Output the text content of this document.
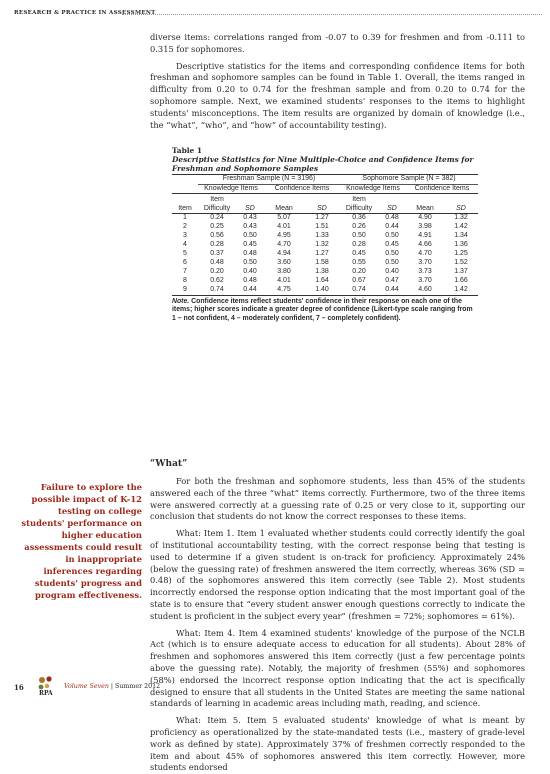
RESEARCH & PRACTICE IN ASSESSMENT

diverse items: correlations ranged from -0.07 to 0.39 for freshmen and from -0.111 to 0.315 for sophomores.

Descriptive statistics for the items and corresponding confidence items for both freshman and sophomore samples can be found in Table 1. Overall, the items ranged in difficulty from 0.20 to 0.74 for the freshman sample and from 0.20 to 0.74 for the sophomore sample. Next, we examined students' responses to the items to highlight students' misconceptions. The item results are organized by domain of knowledge (i.e., the “what”, “who”, and “how” of accountability testing).

Table 1
Descriptive Statistics for Nine Multiple-Choice and Confidence Items for Freshman and Sophomore Samples
	Freshman Sample (N = 3196)				Sophomore Sample (N = 382)			
	Knowledge Items		Confidence Items		Knowledge Items		Confidence Items	
Item	Item Difficulty	SD	Mean	SD	Item Difficulty	SD	Mean	SD
1	0.24	0.43	5.07	1.27	0.36	0.48	4.90	1.32
2	0.25	0.43	4.01	1.51	0.26	0.44	3.98	1.42
3	0.56	0.50	4.95	1.33	0.50	0.50	4.91	1.34
4	0.28	0.45	4.70	1.32	0.28	0.45	4.66	1.36
5	0.37	0.48	4.94	1.27	0.45	0.50	4.70	1.25
6	0.48	0.50	3.60	1.58	0.55	0.50	3.70	1.52
7	0.20	0.40	3.80	1.38	0.20	0.40	3.73	1.37
8	0.62	0.48	4.01	1.64	0.67	0.47	3.70	1.66
9	0.74	0.44	4.75	1.40	0.74	0.44	4.60	1.42
Note. Confidence items reflect students' confidence in their response on each one of the items; higher scores indicate a greater degree of confidence (Likert-type scale ranging from 1 – not confident, 4 – moderately confident, 7 – completely confident).
“What”
Failure to explore the possible impact of K-12 testing on college students' performance on higher education assessments could result in inappropriate inferences regarding students' progress and program effectiveness.

For both the freshman and sophomore students, less than 45% of the students answered each of the three “what” items correctly. Furthermore, two of the three items were answered correctly at a guessing rate of 0.25 or very close to it, supporting our conclusion that students do not know the correct responses to these items.

What: Item 1. Item 1 evaluated whether students could correctly identify the goal of institutional accountability testing, with the correct response being that testing is used to determine if a given student is on-track for proficiency. Approximately 24% (below the guessing rate) of freshmen answered the item correctly, whereas 36% (SD = 0.48) of the sophomores answered this item correctly (see Table 2). Most students incorrectly endorsed the response option indicating that the most important goal of the state is to ensure that “every student answer enough questions correctly to indicate the student is proficient in the subject every year” (freshmen = 72%; sophomores = 61%).

What: Item 4. Item 4 examined students' knowledge of the purpose of the NCLB Act (which is to ensure adequate access to education for all students). About 28% of freshmen and sophomores answered this item correctly (just a few percentage points above the guessing rate). Notably, the majority of freshmen (55%) and sophomores (58%) endorsed the incorrect response option indicating that the act is specifically designed to ensure that all students in the United States are meeting the same national standards of learning in academic areas including math, reading, and science.

What: Item 5. Item 5 evaluated students' knowledge of what is meant by proficiency as operationalized by the state-mandated tests (i.e., mastery of grade-level work as defined by state). Approximately 37% of freshmen correctly responded to the item and about 45% of sophomores answered this item correctly. However, more students endorsed

16
RPA
Volume Seven | Summer 2012
